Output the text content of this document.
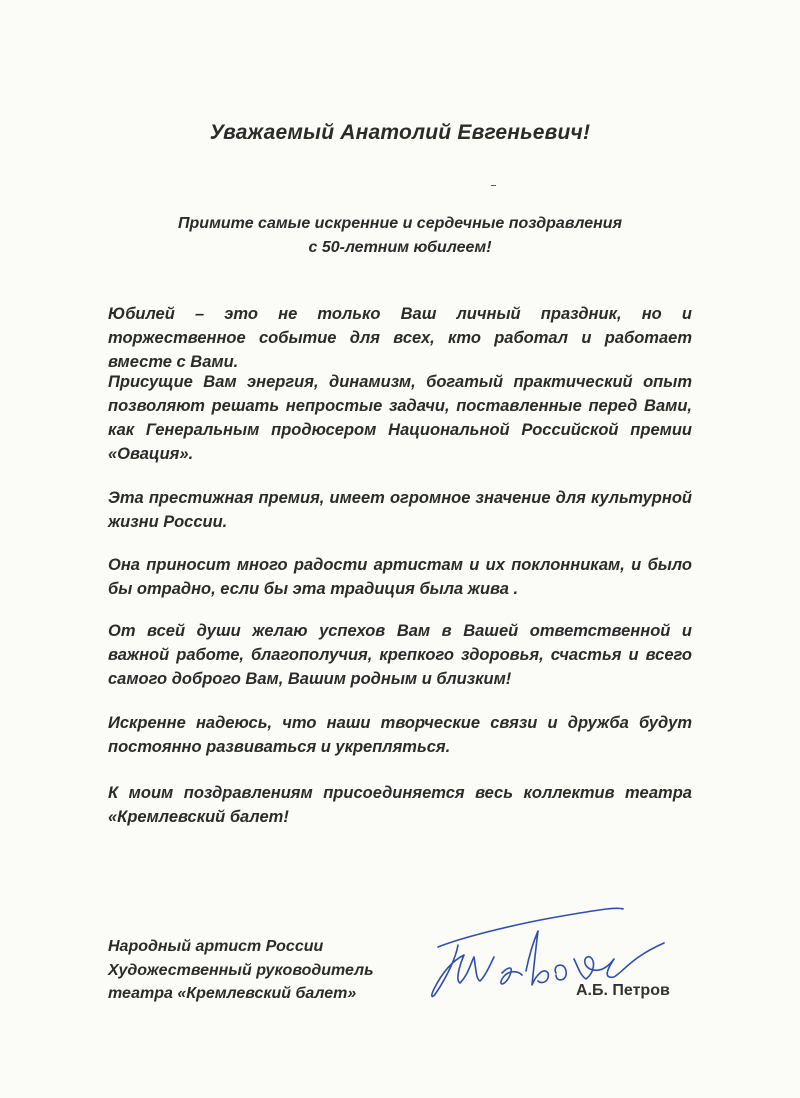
Уважаемый Анатолий Евгеньевич!
Примите самые искренние и сердечные поздравления
с 50-летним юбилеем!
Юбилей – это не только Ваш личный праздник, но и торжественное событие для всех, кто работал и работает вместе с Вами.
Присущие Вам энергия, динамизм, богатый практический опыт позволяют решать непростые задачи, поставленные перед Вами, как Генеральным продюсером Национальной Российской премии «Овация».
Эта престижная премия, имеет огромное значение для культурной жизни России.
Она приносит много радости артистам и их поклонникам, и было бы отрадно, если бы эта традиция была жива .
От всей души желаю успехов Вам в Вашей ответственной и важной работе, благополучия, крепкого здоровья, счастья и всего самого доброго Вам, Вашим родным и близким!
Искренне надеюсь, что наши творческие связи и дружба будут постоянно развиваться и укрепляться.
К моим поздравлениям присоединяется весь коллектив театра «Кремлевский балет!
Народный артист России
Художественный руководитель
театра «Кремлевский балет»	А.Б. Петров
